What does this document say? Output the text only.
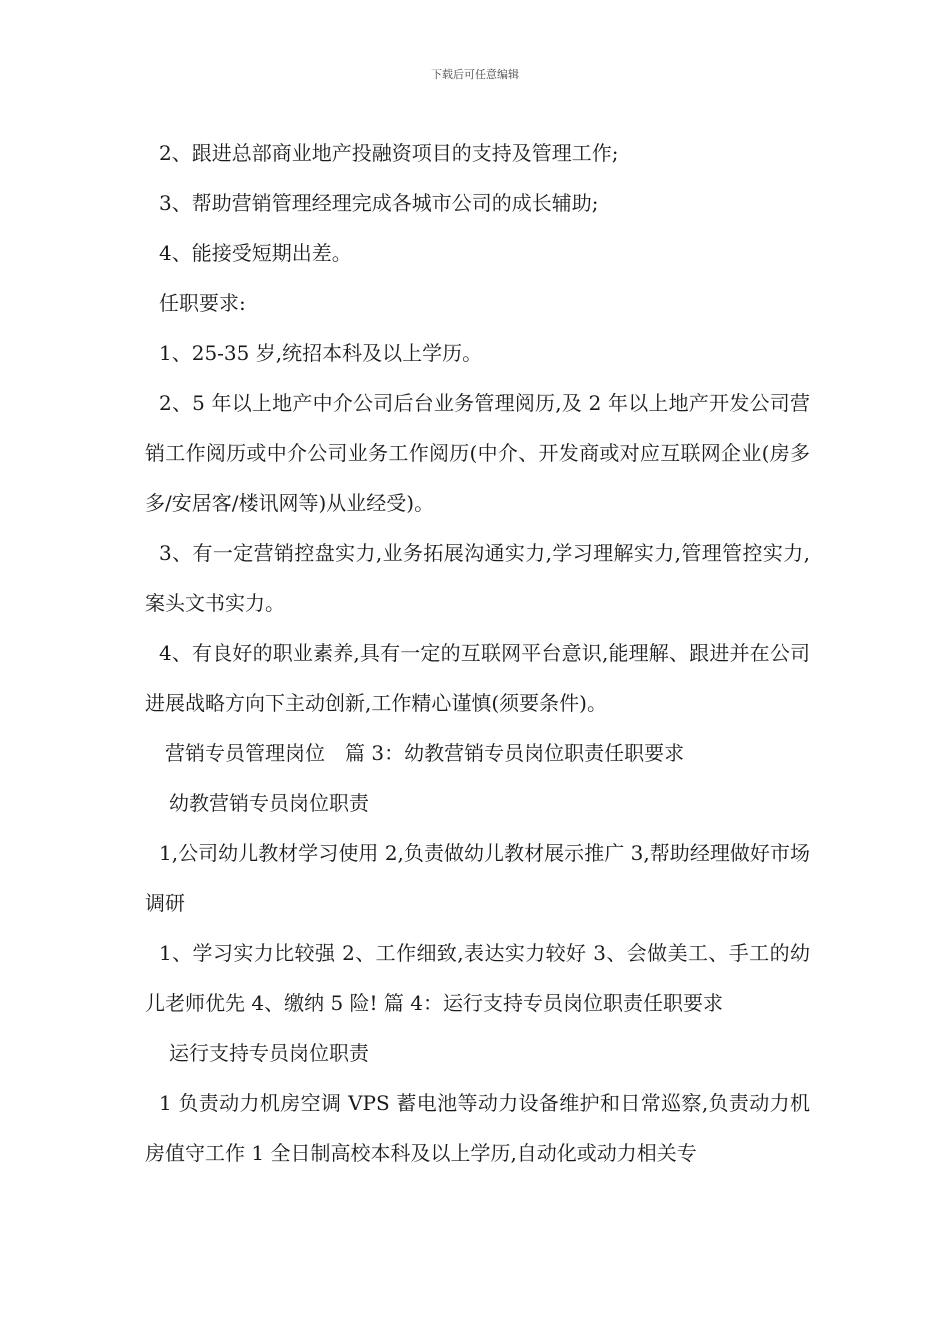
下载后可任意编辑

2、跟进总部商业地产投融资项目的支持及管理工作;

3、帮助营销管理经理完成各城市公司的成长辅助;

4、能接受短期出差。

任职要求:

1、25-35 岁,统招本科及以上学历。

2、5 年以上地产中介公司后台业务管理阅历,及 2 年以上地产开发公司营销工作阅历或中介公司业务工作阅历(中介、开发商或对应互联网企业(房多多/安居客/楼讯网等)从业经受)。

3、有一定营销控盘实力,业务拓展沟通实力,学习理解实力,管理管控实力,案头文书实力。

4、有良好的职业素养,具有一定的互联网平台意识,能理解、跟进并在公司进展战略方向下主动创新,工作精心谨慎(须要条件)。

营销专员管理岗位　篇 3：幼教营销专员岗位职责任职要求

幼教营销专员岗位职责

1,公司幼儿教材学习使用 2,负责做幼儿教材展示推广 3,帮助经理做好市场调研

1、学习实力比较强 2、工作细致,表达实力较好 3、会做美工、手工的幼儿老师优先 4、缴纳 5 险! 篇 4：运行支持专员岗位职责任职要求

运行支持专员岗位职责

1 负责动力机房空调 VPS 蓄电池等动力设备维护和日常巡察,负责动力机房值守工作 1 全日制高校本科及以上学历,自动化或动力相关专
